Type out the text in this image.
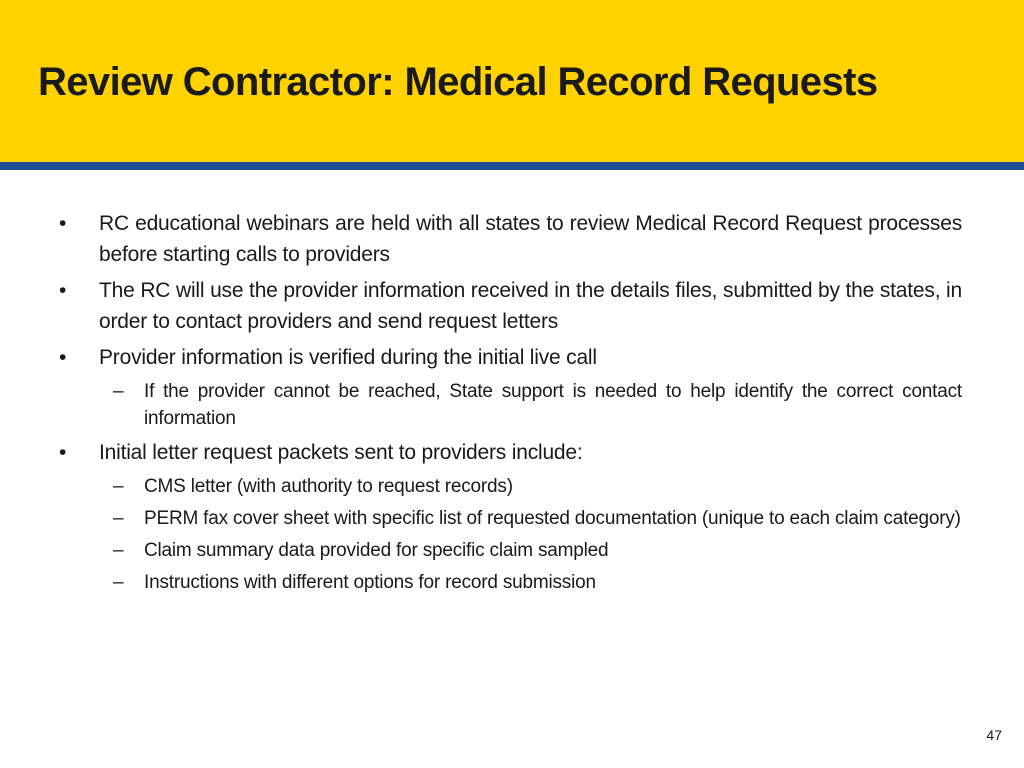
Review Contractor: Medical Record Requests
• RC educational webinars are held with all states to review Medical Record Request processes before starting calls to providers
• The RC will use the provider information received in the details files, submitted by the states, in order to contact providers and send request letters
• Provider information is verified during the initial live call
– If the provider cannot be reached, State support is needed to help identify the correct contact information
• Initial letter request packets sent to providers include:
– CMS letter (with authority to request records)
– PERM fax cover sheet with specific list of requested documentation (unique to each claim category)
– Claim summary data provided for specific claim sampled
– Instructions with different options for record submission
47
